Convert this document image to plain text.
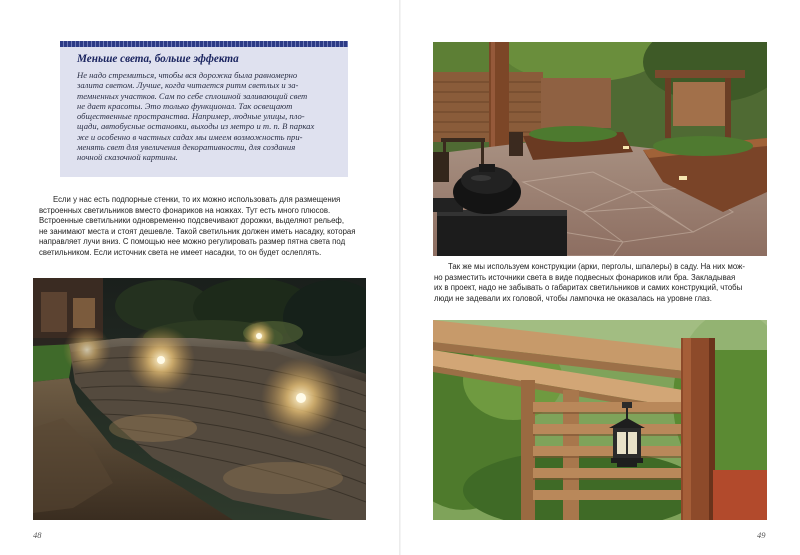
Меньше света, больше эффекта
Не надо стремиться, чтобы вся дорожка была равномерно
залита светом. Лучше, когда читается ритм светлых и за-
темненных участков. Сам по себе сплошной заливающий свет
не дает красоты. Это только функционал. Так освещают
общественные пространства. Например, людные улицы, пло-
щади, автобусные остановки, выходы из метро и т. п. В парках
же и особенно в частных садах мы имеем возможность при-
менять свет для увеличения декоративности, для создания
ночной сказочной картины.
Если у нас есть подпорные стенки, то их можно использовать для размещения
встроенных светильников вместо фонариков на ножках. Тут есть много плюсов.
Встроенные светильники одновременно подсвечивают дорожки, выделяют рельеф,
не занимают места и стоят дешевле. Такой светильник должен иметь насадку, которая
направляет лучи вниз. С помощью нее можно регулировать размер пятна света под
светильником. Если источник света не имеет насадки, то он будет ослеплять.
48
Так же мы используем конструкции (арки, перголы, шпалеры) в саду. На них мож-
но разместить источники света в виде подвесных фонариков или бра. Закладывая
их в проект, надо не забывать о габаритах светильников и самих конструкций, чтобы
люди не задевали их головой, чтобы лампочка не оказалась на уровне глаз.
49
